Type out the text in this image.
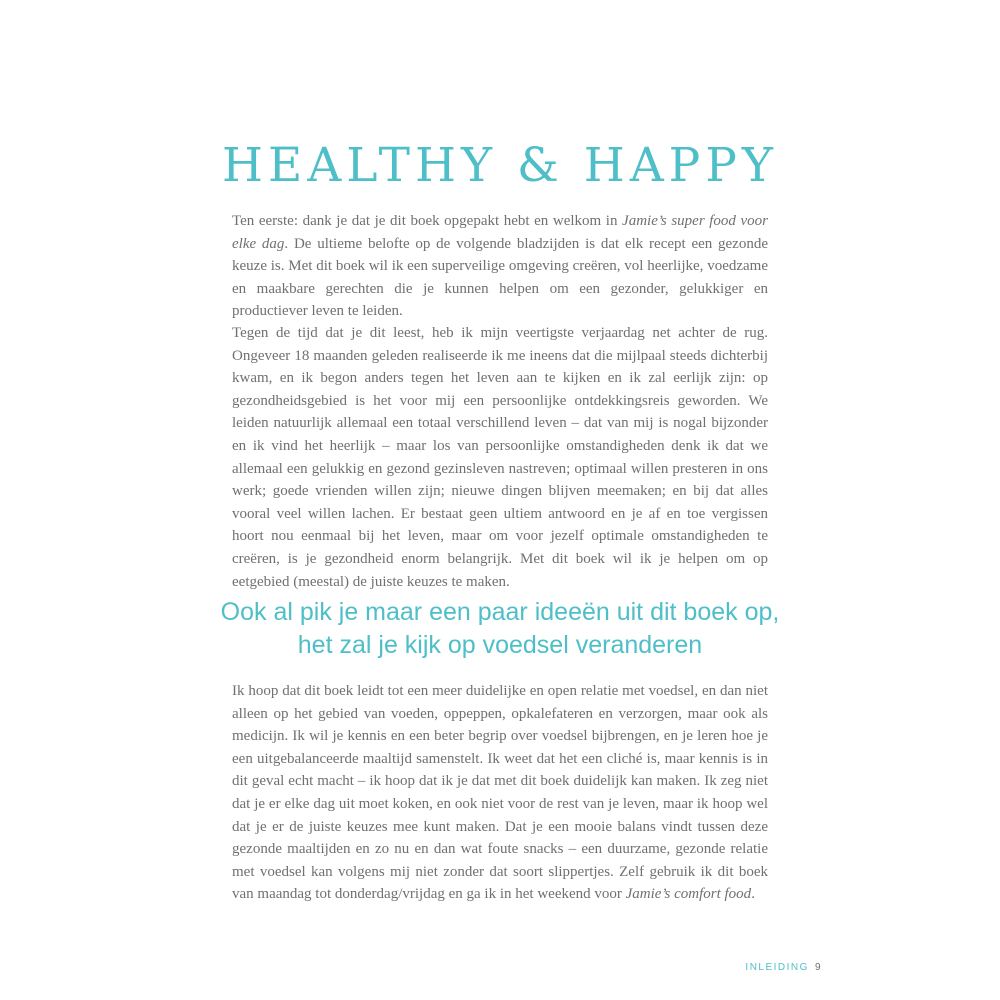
HEALTHY & HAPPY

Ten eerste: dank je dat je dit boek opgepakt hebt en welkom in Jamie’s super food voor elke dag. De ultieme belofte op de volgende bladzijden is dat elk recept een gezonde keuze is. Met dit boek wil ik een superveilige omgeving creëren, vol heerlijke, voedzame en maakbare gerechten die je kunnen helpen om een gezonder, gelukkiger en productiever leven te leiden.

Tegen de tijd dat je dit leest, heb ik mijn veertigste verjaardag net achter de rug. Ongeveer 18 maanden geleden realiseerde ik me ineens dat die mijlpaal steeds dichterbij kwam, en ik begon anders tegen het leven aan te kijken en ik zal eerlijk zijn: op gezondheidsgebied is het voor mij een persoonlijke ontdekkingsreis geworden. We leiden natuurlijk allemaal een totaal verschillend leven – dat van mij is nogal bijzonder en ik vind het heerlijk – maar los van persoonlijke omstandigheden denk ik dat we allemaal een gelukkig en gezond gezinsleven nastreven; optimaal willen presteren in ons werk; goede vrienden willen zijn; nieuwe dingen blijven meemaken; en bij dat alles vooral veel willen lachen. Er bestaat geen ultiem antwoord en je af en toe vergissen hoort nou eenmaal bij het leven, maar om voor jezelf optimale omstandigheden te creëren, is je gezondheid enorm belangrijk. Met dit boek wil ik je helpen om op eetgebied (meestal) de juiste keuzes te maken.

Ook al pik je maar een paar ideeën uit dit boek op,
het zal je kijk op voedsel veranderen

Ik hoop dat dit boek leidt tot een meer duidelijke en open relatie met voedsel, en dan niet alleen op het gebied van voeden, oppeppen, opkalefateren en verzorgen, maar ook als medicijn. Ik wil je kennis en een beter begrip over voedsel bijbrengen, en je leren hoe je een uitgebalanceerde maaltijd samenstelt. Ik weet dat het een cliché is, maar kennis is in dit geval echt macht – ik hoop dat ik je dat met dit boek duidelijk kan maken. Ik zeg niet dat je er elke dag uit moet koken, en ook niet voor de rest van je leven, maar ik hoop wel dat je er de juiste keuzes mee kunt maken. Dat je een mooie balans vindt tussen deze gezonde maaltijden en zo nu en dan wat foute snacks – een duurzame, gezonde relatie met voedsel kan volgens mij niet zonder dat soort slippertjes. Zelf gebruik ik dit boek van maandag tot donderdag/vrijdag en ga ik in het weekend voor Jamie’s comfort food.

INLEIDING 9
